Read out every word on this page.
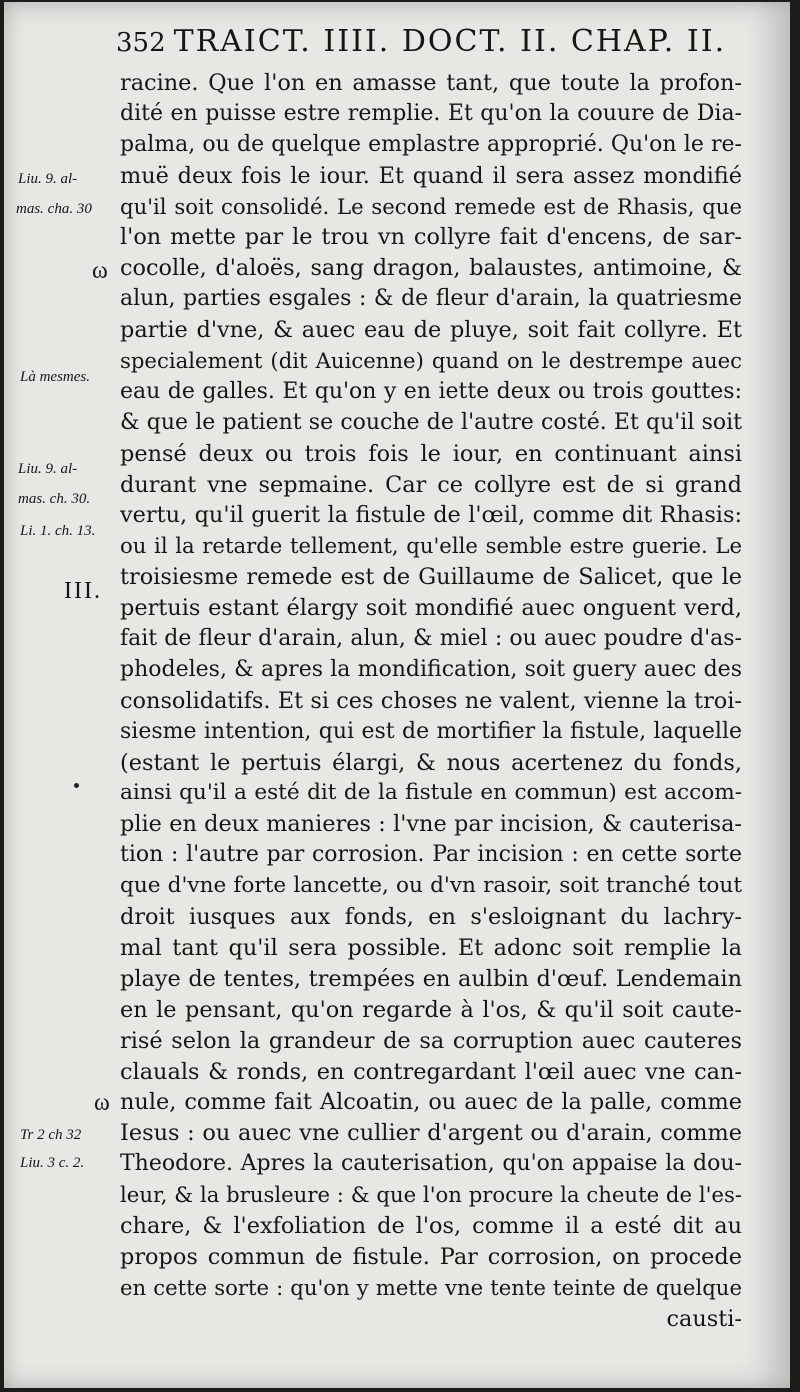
352 TRAICT. IIII. DOCT. II. CHAP. II.
Liu. 9. al-
mas. cha. 30
Là mesmes.
Liu. 9. al-
mas. ch. 30.
Li. 1. ch. 13.
Tr 2 ch 32
Liu. 3 c. 2.
ω
III.
ω
racine. Que l'on en amasse tant, que toute la profon-
dité en puisse estre remplie. Et qu'on la couure de Dia-
palma, ou de quelque emplastre approprié. Qu'on le re-
muë deux fois le iour. Et quand il sera assez mondifié
qu'il soit consolidé. Le second remede est de Rhasis, que
l'on mette par le trou vn collyre fait d'encens, de sar-
cocolle, d'aloës, sang dragon, balaustes, antimoine, &
alun, parties esgales : & de fleur d'arain, la quatriesme
partie d'vne, & auec eau de pluye, soit fait collyre. Et
specialement (dit Auicenne) quand on le destrempe auec
eau de galles. Et qu'on y en iette deux ou trois gouttes:
& que le patient se couche de l'autre costé. Et qu'il soit
pensé deux ou trois fois le iour, en continuant ainsi
durant vne sepmaine. Car ce collyre est de si grand
vertu, qu'il guerit la fistule de l'œil, comme dit Rhasis:
ou il la retarde tellement, qu'elle semble estre guerie. Le
troisiesme remede est de Guillaume de Salicet, que le
pertuis estant élargy soit mondifié auec onguent verd,
fait de fleur d'arain, alun, & miel : ou auec poudre d'as-
phodeles, & apres la mondification, soit guery auec des
consolidatifs. Et si ces choses ne valent, vienne la troi-
siesme intention, qui est de mortifier la fistule, laquelle
(estant le pertuis élargi, & nous acertenez du fonds,
ainsi qu'il a esté dit de la fistule en commun) est accom-
plie en deux manieres : l'vne par incision, & cauterisa-
tion : l'autre par corrosion. Par incision : en cette sorte
que d'vne forte lancette, ou d'vn rasoir, soit tranché tout
droit iusques aux fonds, en s'esloignant du lachry-
mal tant qu'il sera possible. Et adonc soit remplie la
playe de tentes, trempées en aulbin d'œuf. Lendemain
en le pensant, qu'on regarde à l'os, & qu'il soit caute-
risé selon la grandeur de sa corruption auec cauteres
clauals & ronds, en contregardant l'œil auec vne can-
nule, comme fait Alcoatin, ou auec de la palle, comme
Iesus : ou auec vne cullier d'argent ou d'arain, comme
Theodore. Apres la cauterisation, qu'on appaise la dou-
leur, & la brusleure : & que l'on procure la cheute de l'es-
chare, & l'exfoliation de l'os, comme il a esté dit au
propos commun de fistule. Par corrosion, on procede
en cette sorte : qu'on y mette vne tente teinte de quelque
causti-
